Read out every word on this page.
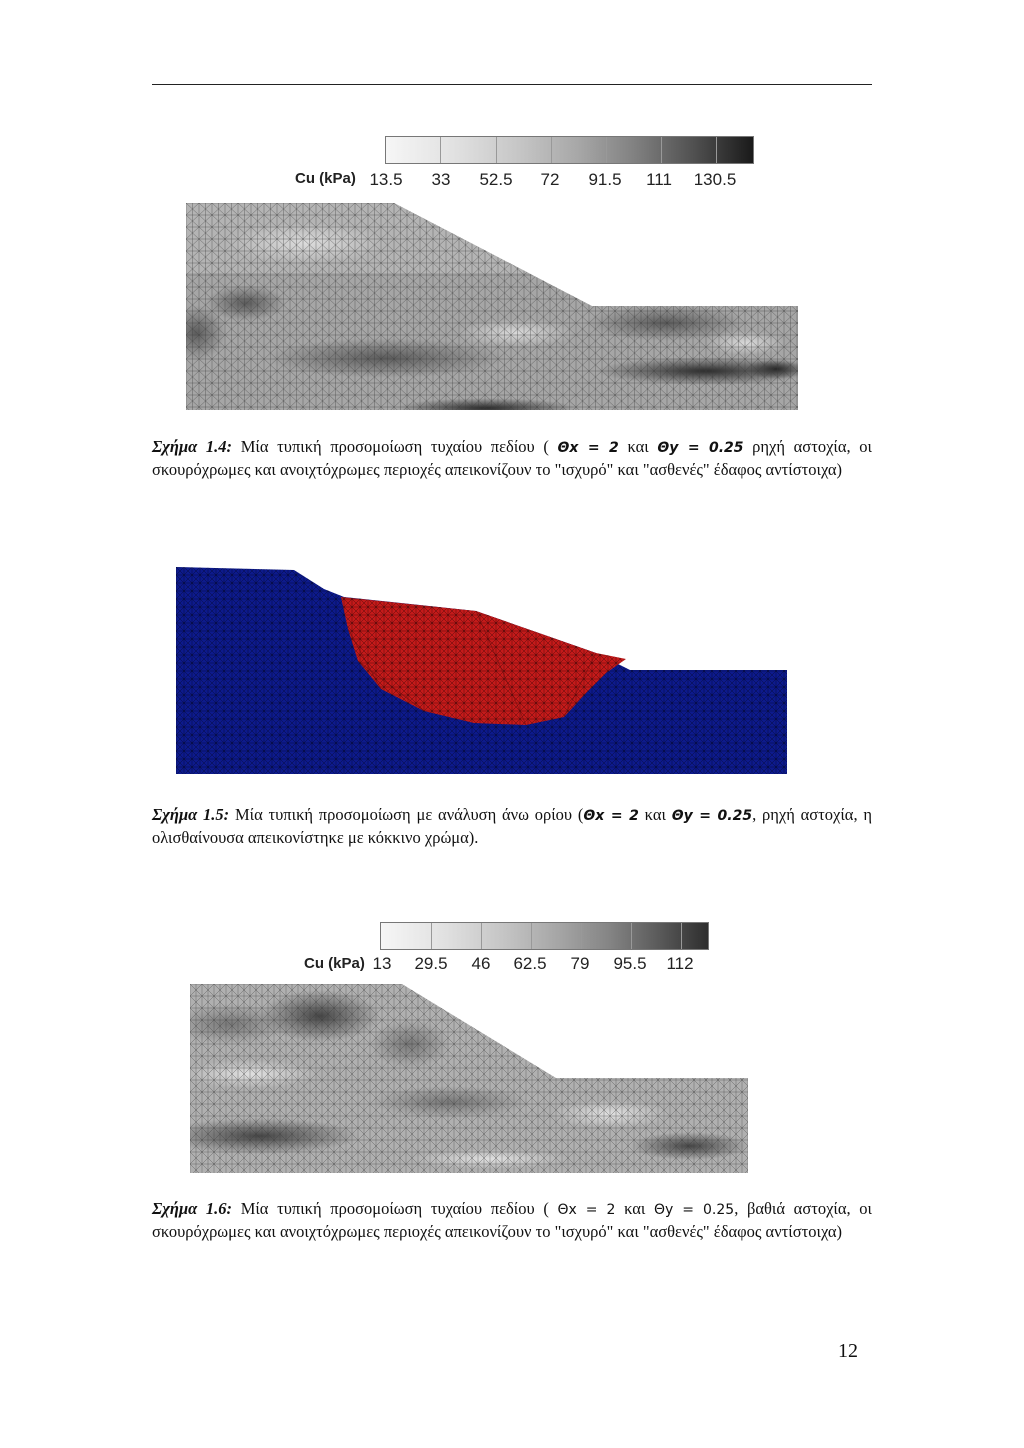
Cu (kPa) 13.5 33 52.5 72 91.5 111 130.5
Σχήμα 1.4: Μία τυπική προσομοίωση τυχαίου πεδίου ( Θx = 2 και Θy = 0.25 ρηχή αστοχία, οι σκουρόχρωμες και ανοιχτόχρωμες περιοχές απεικονίζουν το "ισχυρό" και "ασθενές" έδαφος αντίστοιχα)
Σχήμα 1.5: Μία τυπική προσομοίωση με ανάλυση άνω ορίου (Θx = 2 και Θy = 0.25, ρηχή αστοχία, η ολισθαίνουσα απεικονίστηκε με κόκκινο χρώμα).
Cu (kPa) 13 29.5 46 62.5 79 95.5 112
Σχήμα 1.6: Μία τυπική προσομοίωση τυχαίου πεδίου ( Θx = 2 και Θy = 0.25, βαθιά αστοχία, οι σκουρόχρωμες και ανοιχτόχρωμες περιοχές απεικονίζουν το "ισχυρό" και "ασθενές" έδαφος αντίστοιχα)
12
